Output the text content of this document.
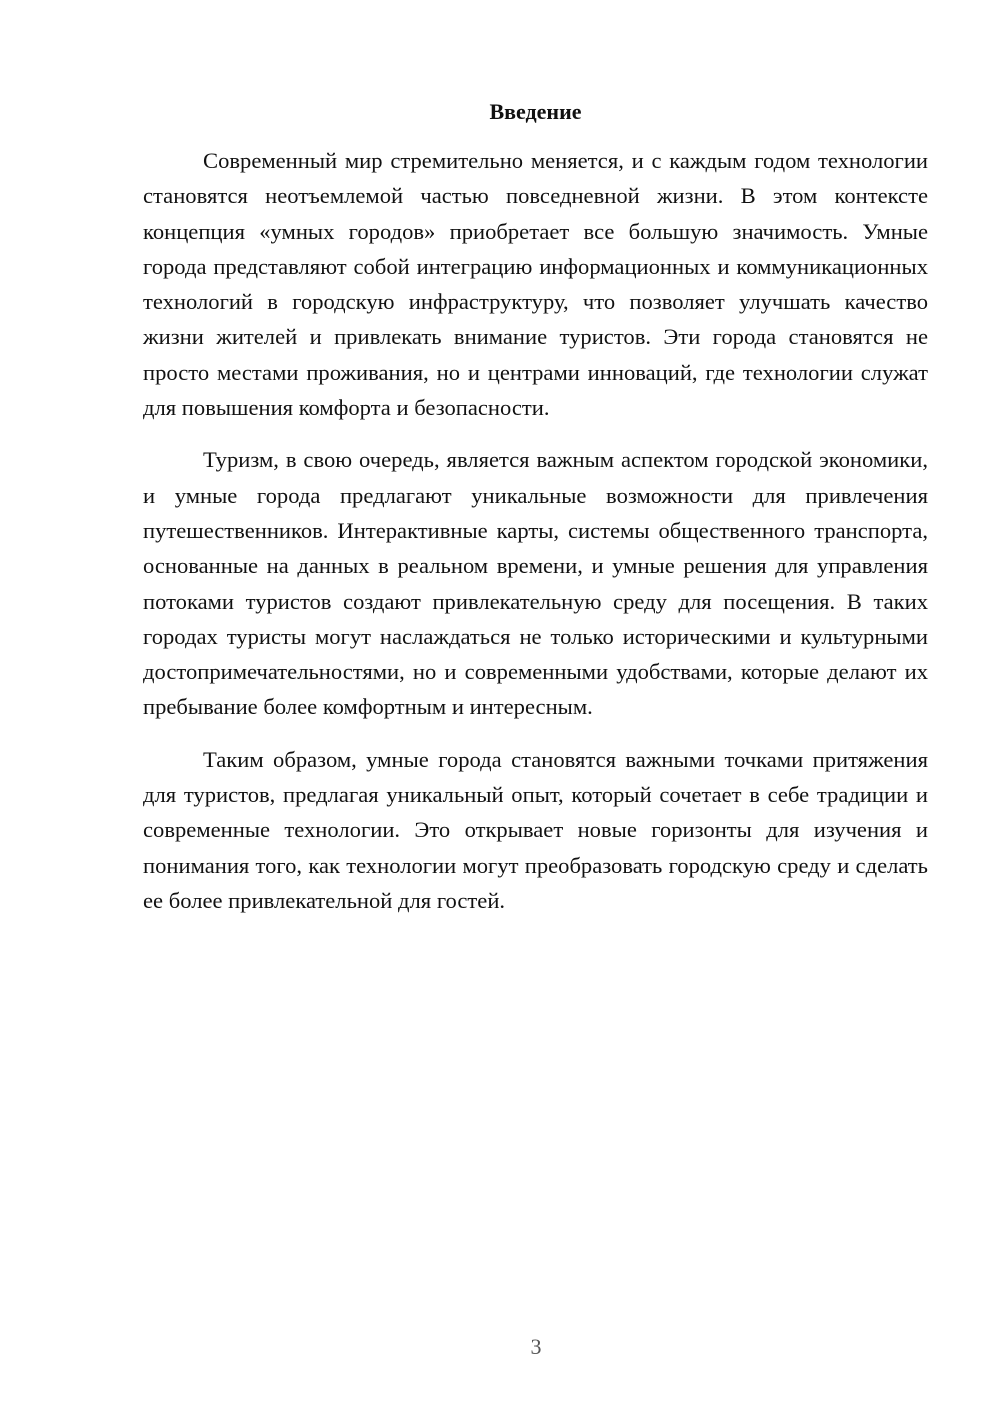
Введение

Современный мир стремительно меняется, и с каждым годом технологии становятся неотъемлемой частью повседневной жизни. В этом контексте концепция «умных городов» приобретает все большую значимость. Умные города представляют собой интеграцию информационных и коммуникационных технологий в городскую инфраструктуру, что позволяет улучшать качество жизни жителей и привлекать внимание туристов. Эти города становятся не просто местами проживания, но и центрами инноваций, где технологии служат для повышения комфорта и безопасности.

Туризм, в свою очередь, является важным аспектом городской экономики, и умные города предлагают уникальные возможности для привлечения путешественников. Интерактивные карты, системы общественного транспорта, основанные на данных в реальном времени, и умные решения для управления потоками туристов создают привлекательную среду для посещения. В таких городах туристы могут наслаждаться не только историческими и культурными достопримечательностями, но и современными удобствами, которые делают их пребывание более комфортным и интересным.

Таким образом, умные города становятся важными точками притяжения для туристов, предлагая уникальный опыт, который сочетает в себе традиции и современные технологии. Это открывает новые горизонты для изучения и понимания того, как технологии могут преобразовать городскую среду и сделать ее более привлекательной для гостей.

3
